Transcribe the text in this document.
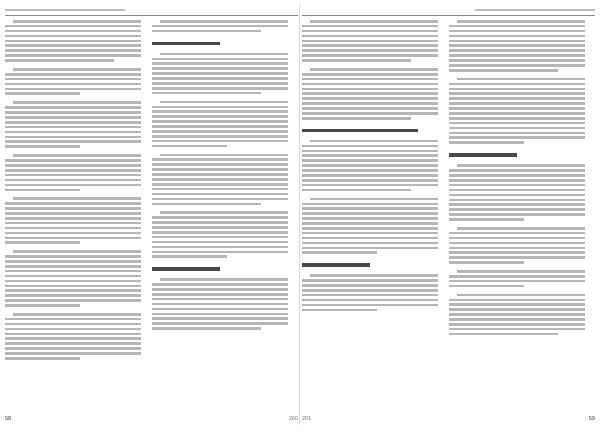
58	260 261	59
